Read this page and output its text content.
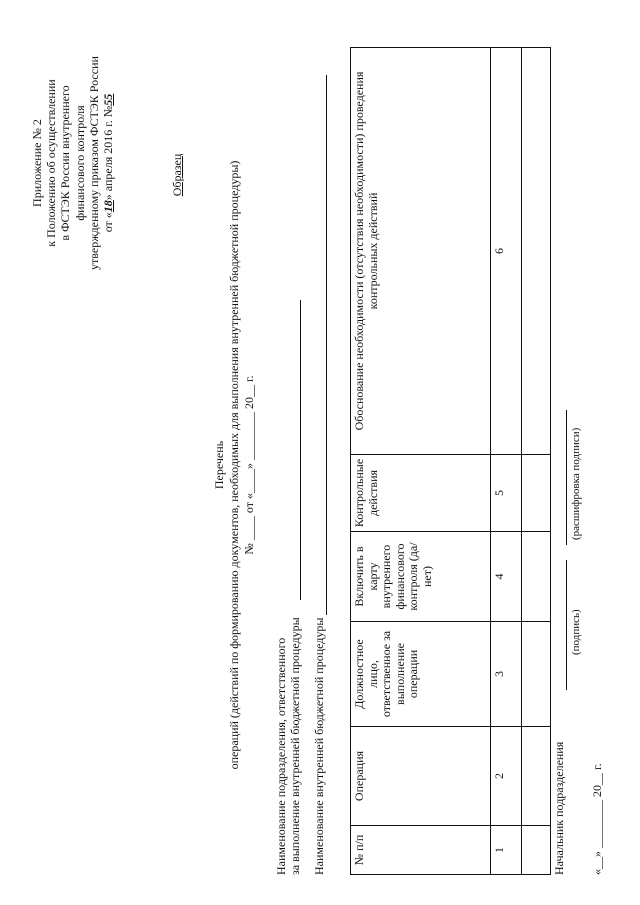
Приложение № 2 к Положению об осуществлении в ФСТЭК России внутреннего финансового контроля утвержденному приказом ФСТЭК России от «18» апреля 2016 г. №55
Образец
Перечень операций (действий по формированию документов, необходимых для выполнения внутренней бюджетной процедуры) № ____ от «____» ________ 20__ г.
Наименование подразделения, ответственного за выполнение внутренней бюджетной процедуры Наименование внутренней бюджетной процедуры № п/п	Операция	Должностное лицо, ответственное за выполнение операции	Включить в карту внутреннего финансового контроля (да/нет)	Контрольные действия	Обоснование необходимости (отсутствия необходимости) проведения контрольных действий
1	2	3	4	5	6

Начальник подразделения
(подпись)
(расшифровка подписи)
«__» ________ 20__ г.
